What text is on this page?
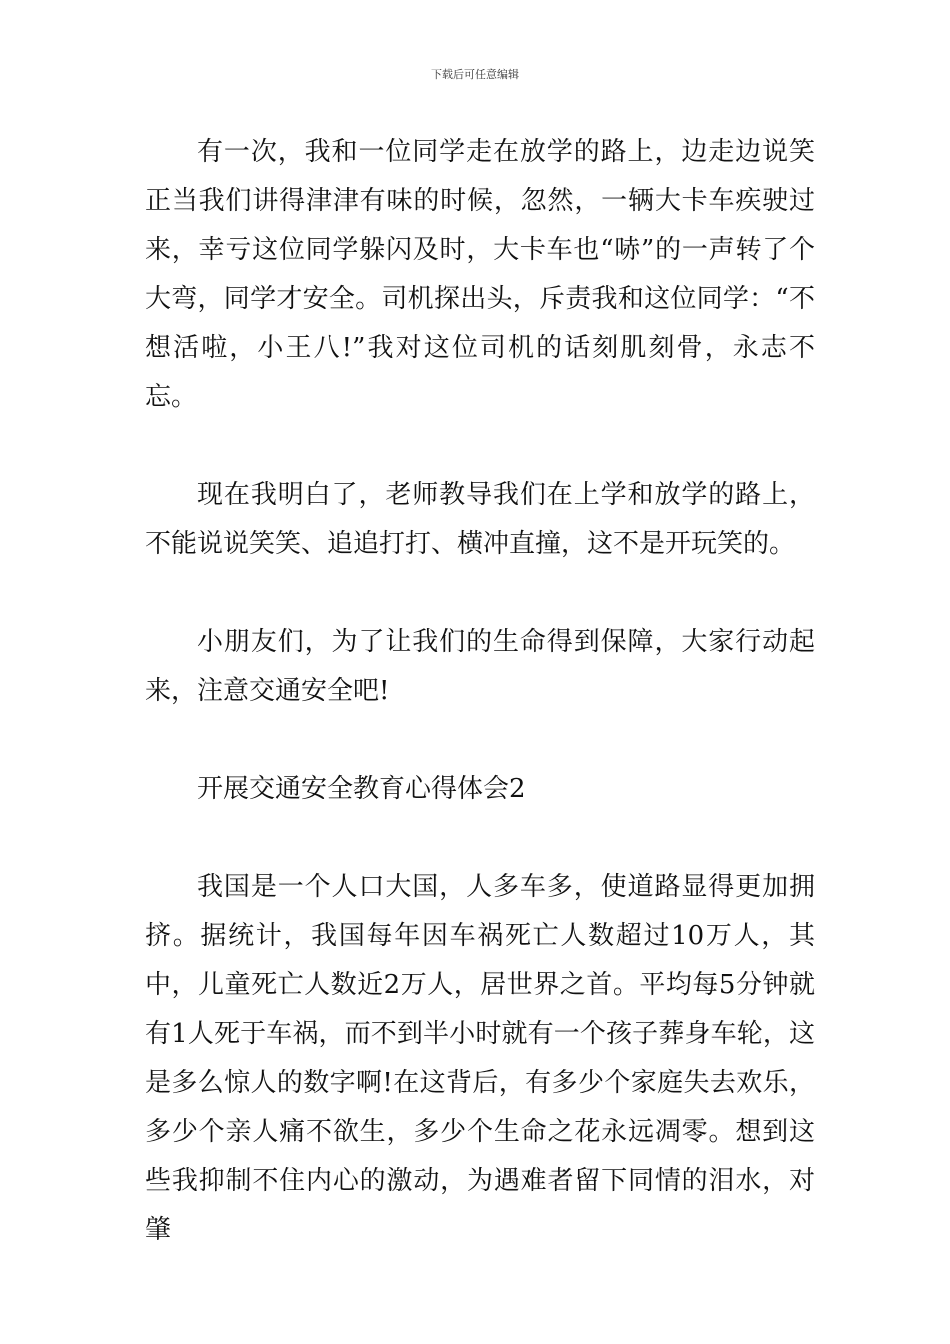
下载后可任意编辑

有一次，我和一位同学走在放学的路上，边走边说笑正当我们讲得津津有味的时候，忽然，一辆大卡车疾驶过来，幸亏这位同学躲闪及时，大卡车也“哧”的一声转了个大弯，同学才安全。司机探出头，斥责我和这位同学：“不想活啦，小王八!”我对这位司机的话刻肌刻骨，永志不忘。

现在我明白了，老师教导我们在上学和放学的路上，不能说说笑笑、追追打打、横冲直撞，这不是开玩笑的。

小朋友们，为了让我们的生命得到保障，大家行动起来，注意交通安全吧!

开展交通安全教育心得体会2

我国是一个人口大国，人多车多，使道路显得更加拥挤。据统计，我国每年因车祸死亡人数超过10万人，其中，儿童死亡人数近2万人，居世界之首。平均每5分钟就有1人死于车祸，而不到半小时就有一个孩子葬身车轮，这是多么惊人的数字啊!在这背后，有多少个家庭失去欢乐，多少个亲人痛不欲生，多少个生命之花永远凋零。想到这些我抑制不住内心的激动，为遇难者留下同情的泪水，对肇
